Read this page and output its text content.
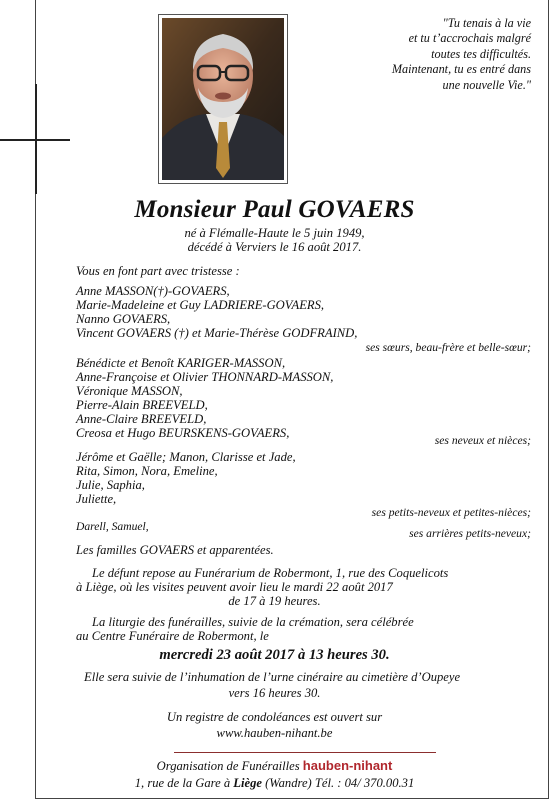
"Tu tenais à la vie
et tu t’accrochais malgré
toutes tes difficultés.
Maintenant, tu es entré dans
une nouvelle Vie."
Monsieur Paul GOVAERS
né à Flémalle-Haute le 5 juin 1949,
décédé à Verviers le 16 août 2017.
Vous en font part avec tristesse :
Anne MASSON(†)-GOVAERS,
Marie-Madeleine et Guy LADRIERE-GOVAERS,
Nanno GOVAERS,
Vincent GOVAERS (†) et Marie-Thérèse GODFRAIND,
ses sœurs, beau-frère et belle-sœur;
Bénédicte et Benoît KARIGER-MASSON,
Anne-Françoise et Olivier THONNARD-MASSON,
Véronique MASSON,
Pierre-Alain BREEVELD,
Anne-Claire BREEVELD,
Creosa et Hugo BEURSKENS-GOVAERS,
ses neveux et nièces;
Jérôme et Gaëlle; Manon, Clarisse et Jade,
Rita, Simon, Nora, Emeline,
Julie, Saphia,
Juliette,
ses petits-neveux et petites-nièces;
Darell, Samuel,
ses arrières petits-neveux;
Les familles GOVAERS et apparentées.
Le défunt repose au Funérarium de Robermont, 1, rue des Coquelicots
à Liège, où les visites peuvent avoir lieu le mardi 22 août 2017
de 17 à 19 heures.
La liturgie des funérailles, suivie de la crémation, sera célébrée
au Centre Funéraire de Robermont, le
mercredi 23 août 2017 à 13 heures 30.
Elle sera suivie de l’inhumation de l’urne cinéraire au cimetière d’Oupeye
vers 16 heures 30.
Un registre de condoléances est ouvert sur
www.hauben-nihant.be
Organisation de Funérailles hauben-nihant
1, rue de la Gare à Liège (Wandre) Tél. : 04/ 370.00.31
